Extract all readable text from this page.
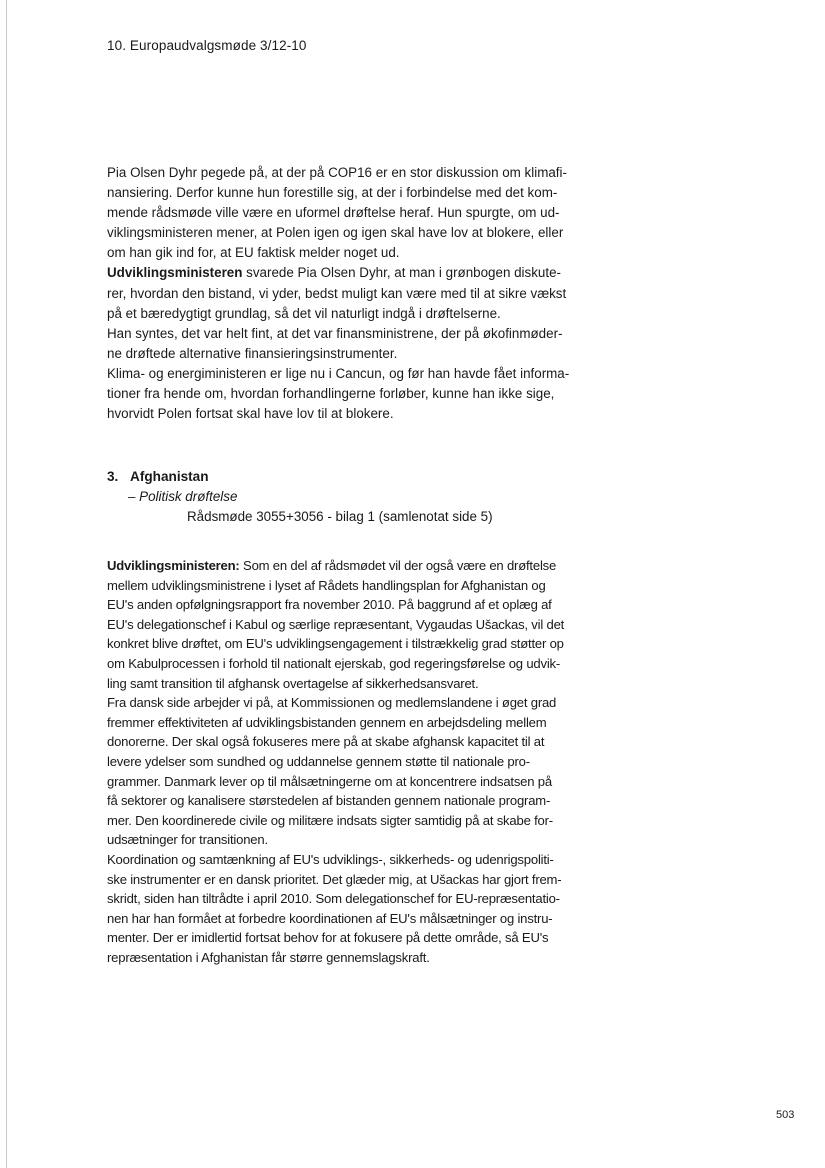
10. Europaudvalgsmøde 3/12-10

Pia Olsen Dyhr pegede på, at der på COP16 er en stor diskussion om klimafi-
nansiering. Derfor kunne hun forestille sig, at der i forbindelse med det kom-
mende rådsmøde ville være en uformel drøftelse heraf. Hun spurgte, om ud-
viklingsministeren mener, at Polen igen og igen skal have lov at blokere, eller
om han gik ind for, at EU faktisk melder noget ud.

Udviklingsministeren svarede Pia Olsen Dyhr, at man i grønbogen diskute-
rer, hvordan den bistand, vi yder, bedst muligt kan være med til at sikre vækst
på et bæredygtigt grundlag, så det vil naturligt indgå i drøftelserne.

Han syntes, det var helt fint, at det var finansministrene, der på økofinmøder-
ne drøftede alternative finansieringsinstrumenter.

Klima- og energiministeren er lige nu i Cancun, og før han havde fået informa-
tioner fra hende om, hvordan forhandlingerne forløber, kunne han ikke sige,
hvorvidt Polen fortsat skal have lov til at blokere.

3. Afghanistan
– Politisk drøftelse
Rådsmøde 3055+3056 - bilag 1 (samlenotat side 5)

Udviklingsministeren: Som en del af rådsmødet vil der også være en drøftelse
mellem udviklingsministrene i lyset af Rådets handlingsplan for Afghanistan og
EU's anden opfølgningsrapport fra november 2010. På baggrund af et oplæg af
EU's delegationschef i Kabul og særlige repræsentant, Vygaudas Ušackas, vil det
konkret blive drøftet, om EU's udviklingsengagement i tilstrækkelig grad støtter op
om Kabulprocessen i forhold til nationalt ejerskab, god regeringsførelse og udvik-
ling samt transition til afghansk overtagelse af sikkerhedsansvaret.

Fra dansk side arbejder vi på, at Kommissionen og medlemslandene i øget grad
fremmer effektiviteten af udviklingsbistanden gennem en arbejdsdeling mellem
donorerne. Der skal også fokuseres mere på at skabe afghansk kapacitet til at
levere ydelser som sundhed og uddannelse gennem støtte til nationale pro-
grammer. Danmark lever op til målsætningerne om at koncentrere indsatsen på
få sektorer og kanalisere størstedelen af bistanden gennem nationale program-
mer. Den koordinerede civile og militære indsats sigter samtidig på at skabe for-
udsætninger for transitionen.

Koordination og samtænkning af EU's udviklings-, sikkerheds- og udenrigspoliti-
ske instrumenter er en dansk prioritet. Det glæder mig, at Ušackas har gjort frem-
skridt, siden han tiltrådte i april 2010. Som delegationschef for EU-repræsentatio-
nen har han formået at forbedre koordinationen af EU's målsætninger og instru-
menter. Der er imidlertid fortsat behov for at fokusere på dette område, så EU's
repræsentation i Afghanistan får større gennemslagskraft.

503
